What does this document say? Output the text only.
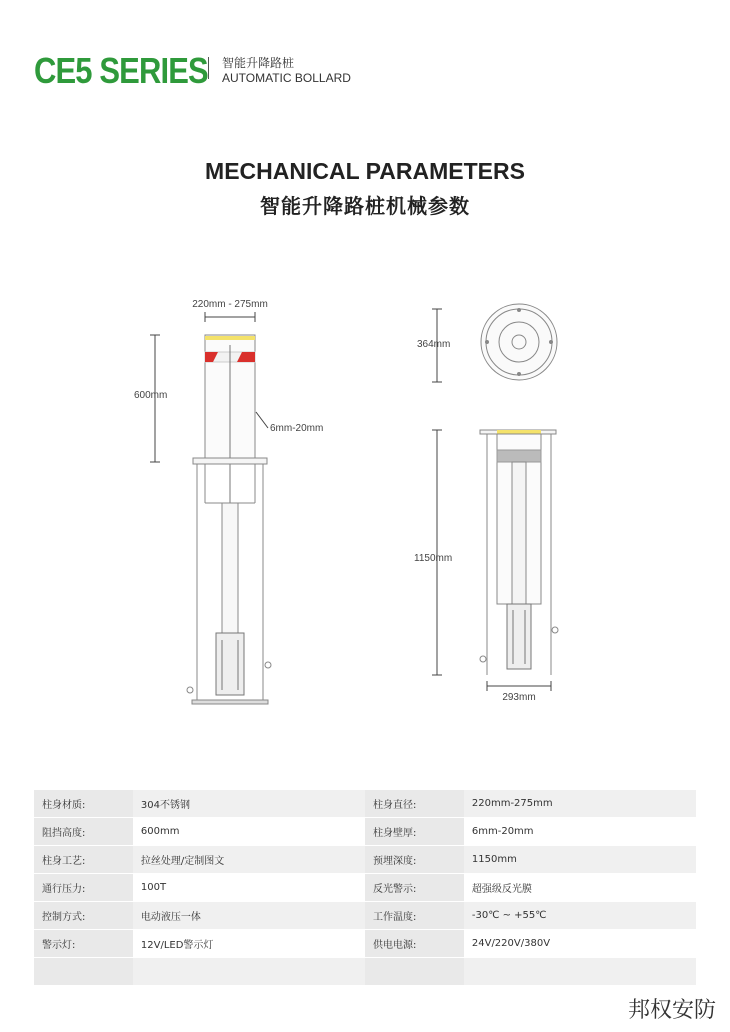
CE5 SERIES 智能升降路桩
AUTOMATIC BOLLARD
MECHANICAL PARAMETERS
智能升降路桩机械参数
220mm - 275mm
600mm
6mm-20mm
364mm
1150mm
293mm
柱身材质:	304不锈钢	柱身直径:	220mm-275mm
阻挡高度:	600mm	柱身壁厚:	6mm-20mm
柱身工艺:	拉丝处理/定制图文	预埋深度:	1150mm
通行压力:	100T	反光警示:	超强级反光膜
控制方式:	电动液压一体	工作温度:	-30℃ ~ +55℃
警示灯:	12V/LED警示灯	供电电源:	24V/220V/380V

邦权安防
